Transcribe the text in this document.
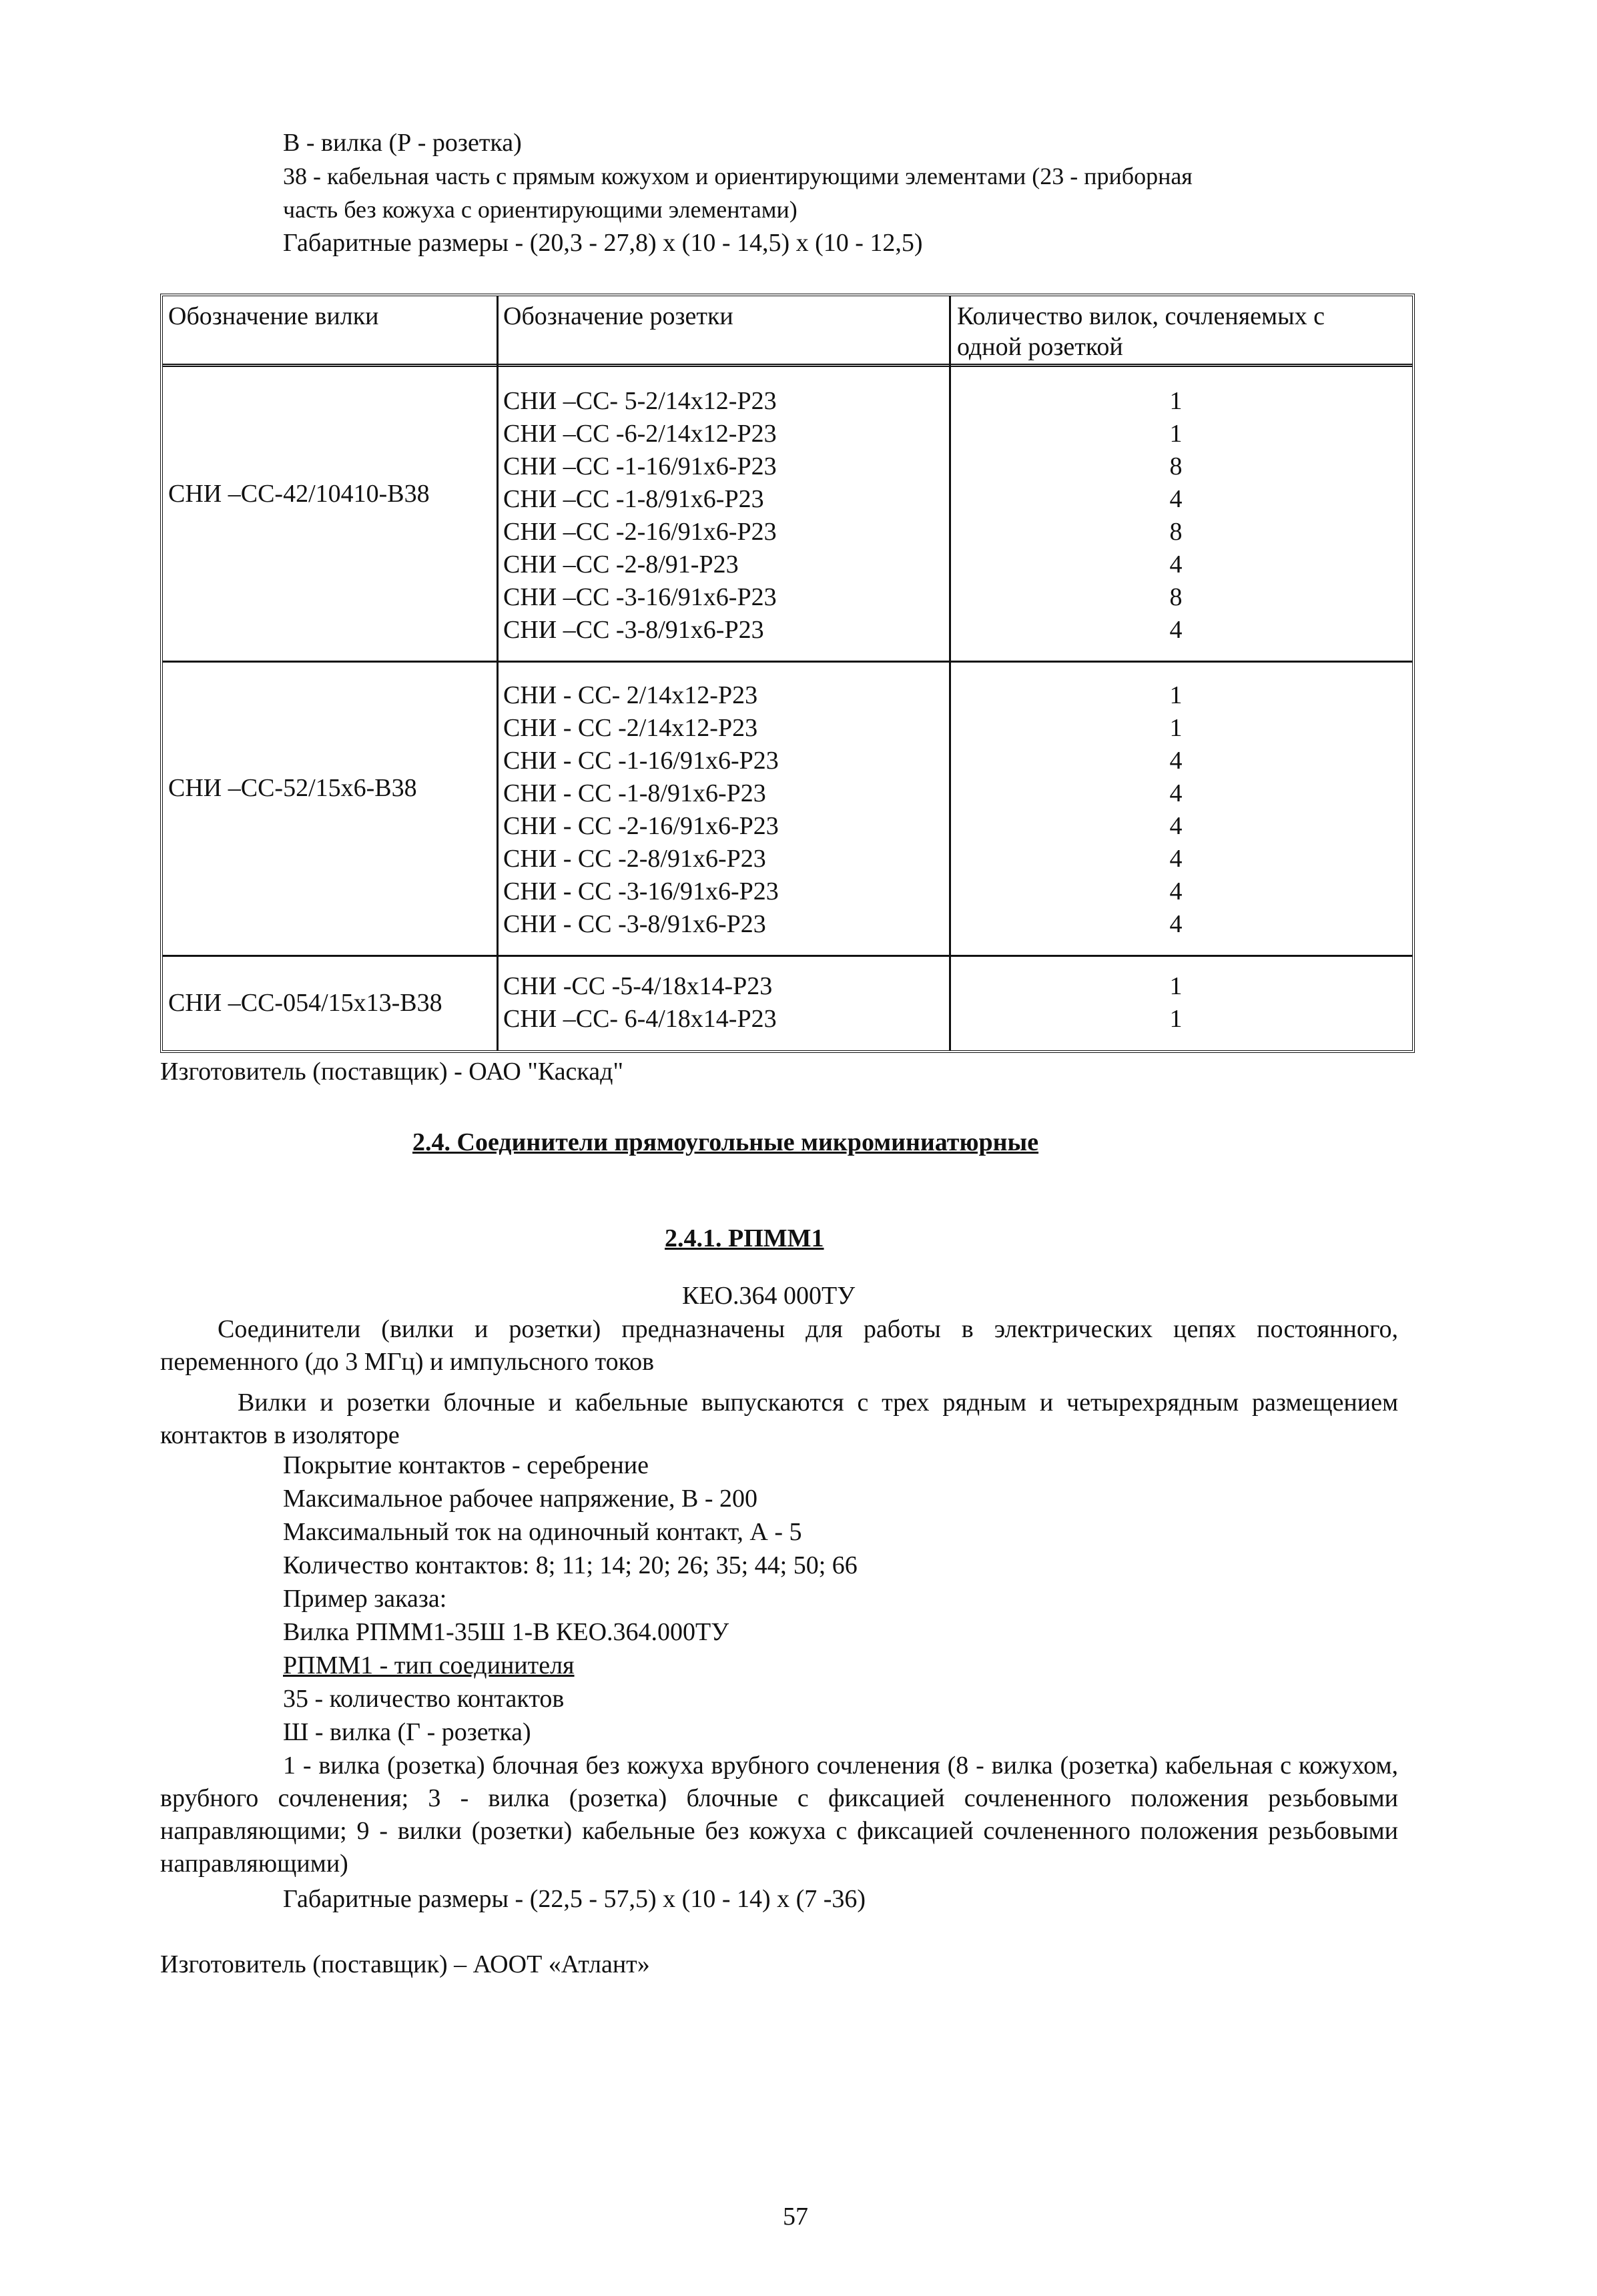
В - вилка (Р - розетка)
38 - кабельная часть с прямым кожухом и ориентирующими элементами (23 - приборная
часть без кожуха с ориентирующими элементами)
Габаритные размеры - (20,3 - 27,8) х (10 - 14,5) х (10 - 12,5)
Обозначение вилки	Обозначение розетки	Количество вилок, сочленяемых с
одной розеткой
СНИ –СС-42/10410-В38
СНИ –СС- 5-2/14х12-Р23	1
СНИ –СС -6-2/14х12-Р23	1
СНИ –СС -1-16/91х6-Р23	8
СНИ –СС -1-8/91х6-Р23	4
СНИ –СС -2-16/91х6-Р23	8
СНИ –СС -2-8/91-Р23	4
СНИ –СС -3-16/91х6-Р23	8
СНИ –СС -3-8/91х6-Р23	4
СНИ –СС-52/15х6-В38
СНИ - СС- 2/14х12-Р23	1
СНИ - СС -2/14х12-Р23	1
СНИ - СС -1-16/91х6-Р23	4
СНИ - СС -1-8/91х6-Р23	4
СНИ - СС -2-16/91х6-Р23	4
СНИ - СС -2-8/91х6-Р23	4
СНИ - СС -3-16/91х6-Р23	4
СНИ - СС -3-8/91х6-Р23	4
СНИ –СС-054/15х13-В38
СНИ -СС -5-4/18х14-Р23	1
СНИ –СС- 6-4/18х14-Р23	1
Изготовитель (поставщик) - ОАО "Каскад"
2.4. Соединители прямоугольные микроминиатюрные
2.4.1. РПММ1
КЕО.364 000ТУ
Соединители (вилки и розетки) предназначены для работы в электрических цепях постоянного, переменного (до 3 МГц) и импульсного токов
Вилки и розетки блочные и кабельные выпускаются с трех рядным и четырехрядным размещением контактов в изоляторе
Покрытие контактов - серебрение
Максимальное рабочее напряжение, В - 200
Максимальный ток на одиночный контакт, А - 5
Количество контактов: 8; 11; 14; 20; 26; 35; 44; 50; 66
Пример заказа:
Вилка РПММ1-35Ш 1-В КЕО.364.000ТУ
РПММ1 - тип соединителя
35 - количество контактов
Ш - вилка (Г - розетка)
1 - вилка (розетка) блочная без кожуха врубного сочленения (8 - вилка (розетка) кабельная с кожухом, врубного сочленения; 3 - вилка (розетка) блочные с фиксацией сочлененного положения резьбовыми направляющими; 9 - вилки (розетки) кабельные без кожуха с фиксацией сочлененного положения резьбовыми направляющими)
Габаритные размеры - (22,5 - 57,5) х (10 - 14) х (7 -36)
Изготовитель (поставщик) – АООТ «Атлант»
57
